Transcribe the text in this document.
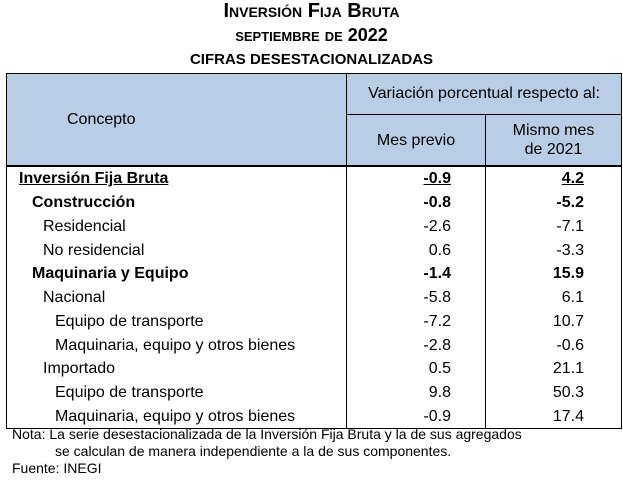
Inversión Fija Bruta
septiembre de 2022
CIFRAS DESESTACIONALIZADAS
Concepto	Variación porcentual respecto al:	
	Mes previo	Mismo mes
de 2021
Inversión Fija Bruta	-0.9	4.2
Construcción	-0.8	-5.2
Residencial	-2.6	-7.1
No residencial	0.6	-3.3
Maquinaria y Equipo	-1.4	15.9
Nacional	-5.8	6.1
Equipo de transporte	-7.2	10.7
Maquinaria, equipo y otros bienes	-2.8	-0.6
Importado	0.5	21.1
Equipo de transporte	9.8	50.3
Maquinaria, equipo y otros bienes	-0.9	17.4
Nota: La serie desestacionalizada de la Inversión Fija Bruta y la de sus agregados
se calculan de manera independiente a la de sus componentes.
Fuente: INEGI
